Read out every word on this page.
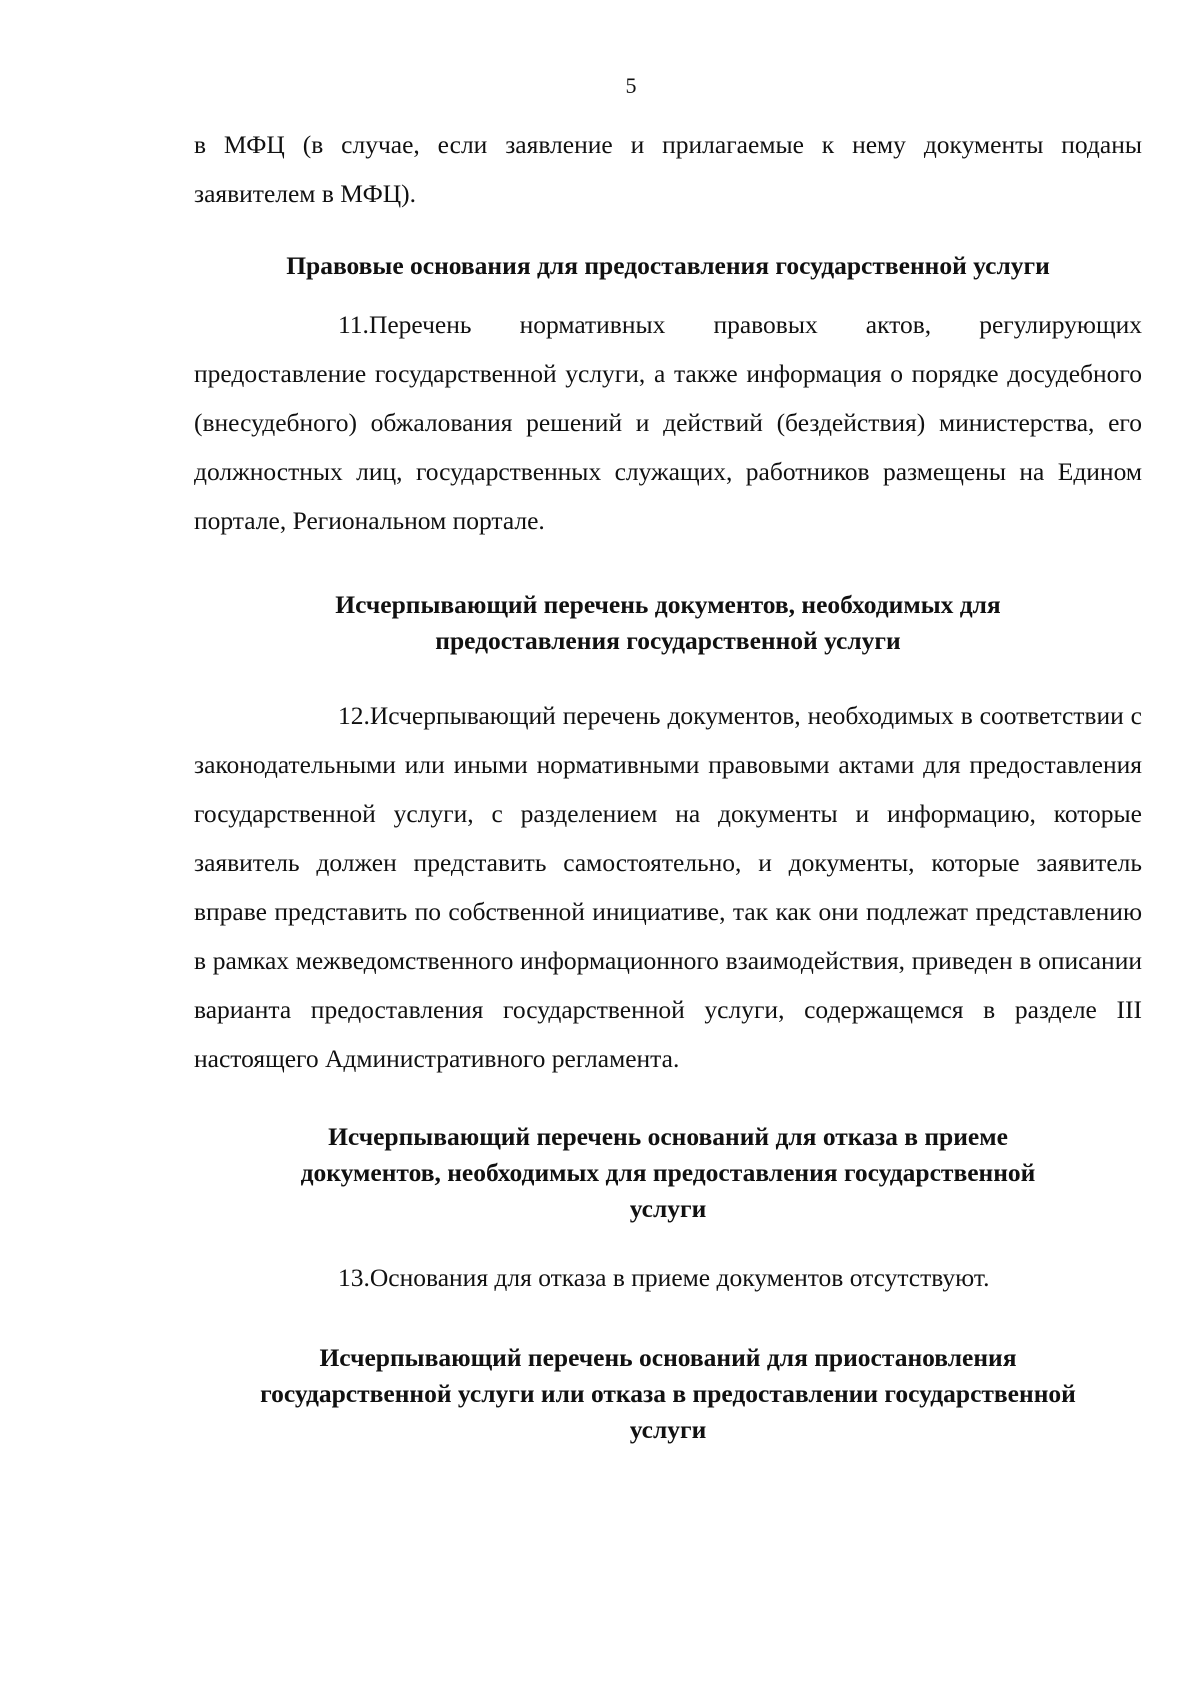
5

в МФЦ (в случае, если заявление и прилагаемые к нему документы поданы заявителем в МФЦ).

Правовые основания для предоставления государственной услуги

11.Перечень нормативных правовых актов, регулирующих предоставление государственной услуги, а также информация о порядке досудебного (внесудебного) обжалования решений и действий (бездействия) министерства, его должностных лиц, государственных служащих, работников размещены на Едином портале, Региональном портале.

Исчерпывающий перечень документов, необходимых для
предоставления государственной услуги

12.Исчерпывающий перечень документов, необходимых в соответствии с законодательными или иными нормативными правовыми актами для предоставления государственной услуги, с разделением на документы и информацию, которые заявитель должен представить самостоятельно, и документы, которые заявитель вправе представить по собственной инициативе, так как они подлежат представлению в рамках межведомственного информационного взаимодействия, приведен в описании варианта предоставления государственной услуги, содержащемся в разделе III настоящего Административного регламента.

Исчерпывающий перечень оснований для отказа в приеме
документов, необходимых для предоставления государственной
услуги

13.Основания для отказа в приеме документов отсутствуют.

Исчерпывающий перечень оснований для приостановления
государственной услуги или отказа в предоставлении государственной
услуги
